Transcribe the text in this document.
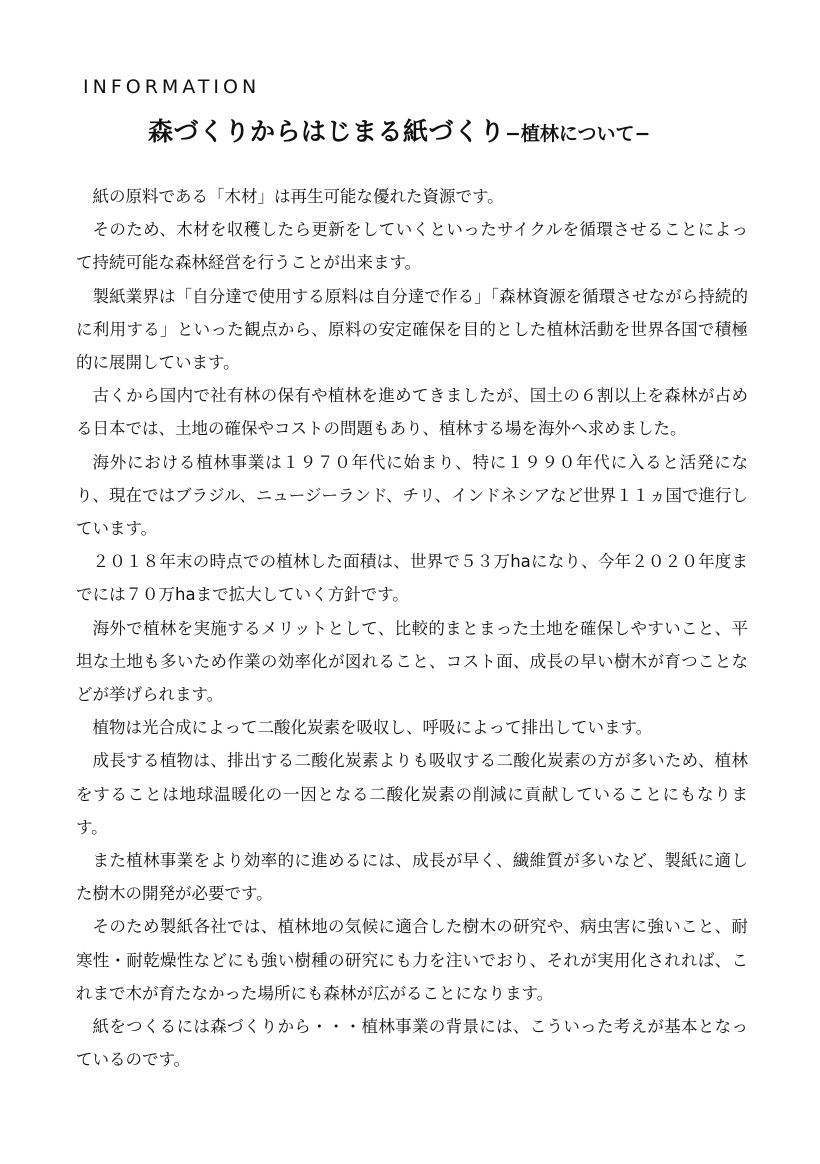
INFORMATION
森づくりからはじまる紙づくり−植林について−

紙の原料である「木材」は再生可能な優れた資源です。

そのため、木材を収穫したら更新をしていくといったサイクルを循環させることによって持続可能な森林経営を行うことが出来ます。

製紙業界は「自分達で使用する原料は自分達で作る」「森林資源を循環させながら持続的に利用する」といった観点から、原料の安定確保を目的とした植林活動を世界各国で積極的に展開しています。

古くから国内で社有林の保有や植林を進めてきましたが、国土の６割以上を森林が占める日本では、土地の確保やコストの問題もあり、植林する場を海外へ求めました。

海外における植林事業は１９７０年代に始まり、特に１９９０年代に入ると活発になり、現在ではブラジル、ニュージーランド、チリ、インドネシアなど世界１１ヵ国で進行しています。

２０１８年末の時点での植林した面積は、世界で５３万haになり、今年２０２０年度までには７０万haまで拡大していく方針です。

海外で植林を実施するメリットとして、比較的まとまった土地を確保しやすいこと、平坦な土地も多いため作業の効率化が図れること、コスト面、成長の早い樹木が育つことなどが挙げられます。

植物は光合成によって二酸化炭素を吸収し、呼吸によって排出しています。

成長する植物は、排出する二酸化炭素よりも吸収する二酸化炭素の方が多いため、植林をすることは地球温暖化の一因となる二酸化炭素の削減に貢献していることにもなります。

また植林事業をより効率的に進めるには、成長が早く、繊維質が多いなど、製紙に適した樹木の開発が必要です。

そのため製紙各社では、植林地の気候に適合した樹木の研究や、病虫害に強いこと、耐寒性・耐乾燥性などにも強い樹種の研究にも力を注いでおり、それが実用化されれば、これまで木が育たなかった場所にも森林が広がることになります。

紙をつくるには森づくりから・・・植林事業の背景には、こういった考えが基本となっているのです。
